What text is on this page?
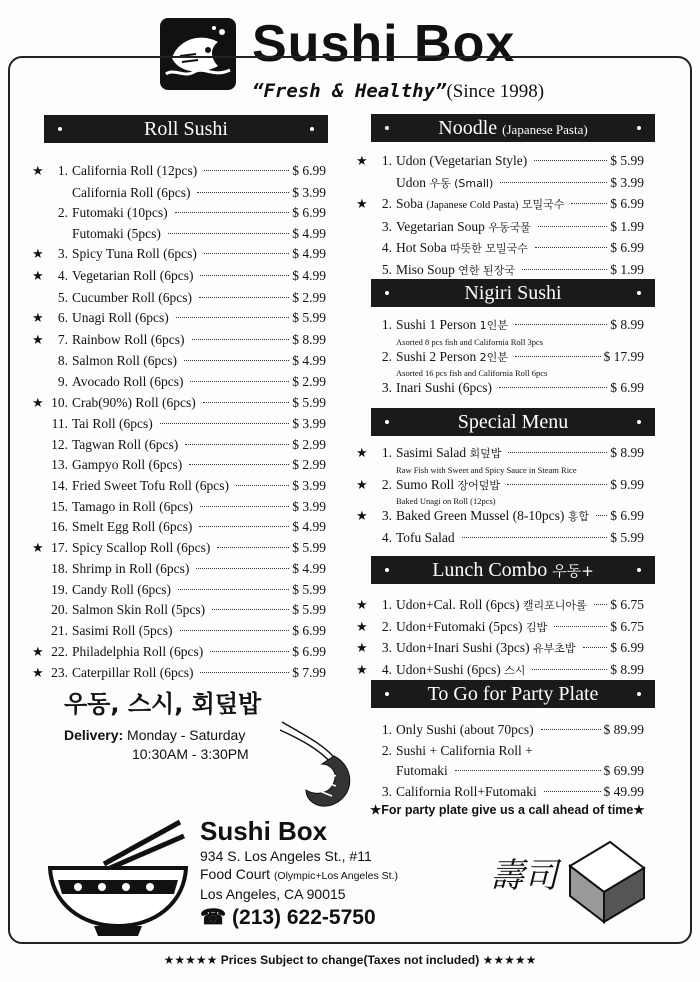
Sushi Box
“Fresh & Healthy”(Since 1998)
Roll Sushi
★	1. California Roll (12pcs)	$ 6.99
California Roll (6pcs)	$ 3.99
2. Futomaki (10pcs)	$ 6.99
Futomaki (5pcs)	$ 4.99
★	3. Spicy Tuna Roll (6pcs)	$ 4.99
★	4. Vegetarian Roll (6pcs)	$ 4.99
5. Cucumber Roll (6pcs)	$ 2.99
★	6. Unagi Roll (6pcs)	$ 5.99
★	7. Rainbow Roll (6pcs)	$ 8.99
8. Salmon Roll (6pcs)	$ 4.99
9. Avocado Roll (6pcs)	$ 2.99
★ 10. Crab(90%) Roll (6pcs)	$ 5.99
11. Tai Roll (6pcs)	$ 3.99
12. Tagwan Roll (6pcs)	$ 2.99
13. Gampyo Roll (6pcs)	$ 2.99
14. Fried Sweet Tofu Roll (6pcs)	$ 3.99
15. Tamago in Roll (6pcs)	$ 3.99
16. Smelt Egg Roll (6pcs)	$ 4.99
★ 17. Spicy Scallop Roll (6pcs)	$ 5.99
18. Shrimp in Roll (6pcs)	$ 4.99
19. Candy Roll (6pcs)	$ 5.99
20. Salmon Skin Roll (5pcs)	$ 5.99
21. Sasimi Roll (5pcs)	$ 6.99
★ 22. Philadelphia Roll (6pcs)	$ 6.99
★ 23. Caterpillar Roll (6pcs)	$ 7.99
Noodle (Japanese Pasta)
★	1. Udon (Vegetarian Style)	$ 5.99
Udon 우동 (Small)	$ 3.99
★	2. Soba (Japanese Cold Pasta) 모밀국수	$ 6.99
3. Vegetarian Soup 우동국물	$ 1.99
4. Hot Soba 따뜻한 모밀국수	$ 6.99
5. Miso Soup 연한 된장국	$ 1.99
Nigiri Sushi
1. Sushi 1 Person 1인분	$ 8.99
Asorted 8 pcs fish and California Roll 3pcs
2. Sushi 2 Person 2인분	$ 17.99
Asorted 16 pcs fish and California Roll 6pcs
3. Inari Sushi (6pcs)	$ 6.99
Special Menu
★	1. Sasimi Salad 회덮밥	$ 8.99
Raw Fish with Sweet and Spicy Sauce in Steam Rice
★	2. Sumo Roll 장어덮밥	$ 9.99
Baked Unagi on Roll (12pcs)
★	3. Baked Green Mussel (8-10pcs) 홍합 $ 6.99
4. Tofu Salad	$ 5.99
Lunch Combo 우동+
★	1. Udon+Cal. Roll (6pcs) 캘리포니아롤 $ 6.75
★	2. Udon+Futomaki (5pcs) 김밥	$ 6.75
★	3. Udon+Inari Sushi (3pcs) 유부초밥	$ 6.99
★	4. Udon+Sushi (6pcs) 스시	$ 8.99
To Go for Party Plate
1. Only Sushi (about 70pcs)	$ 89.99
2. Sushi + California Roll +
Futomaki	$ 69.99
3. California Roll+Futomaki	$ 49.99
★For party plate give us a call ahead of time★
우동, 스시, 회덮밥
Delivery: Monday - Saturday
10:30AM - 3:30PM
Sushi Box
934 S. Los Angeles St., #11
Food Court (Olympic+Los Angeles St.)
Los Angeles, CA 90015
☎ (213) 622-5750
壽司
★★★★★ Prices Subject to change(Taxes not included) ★★★★★
